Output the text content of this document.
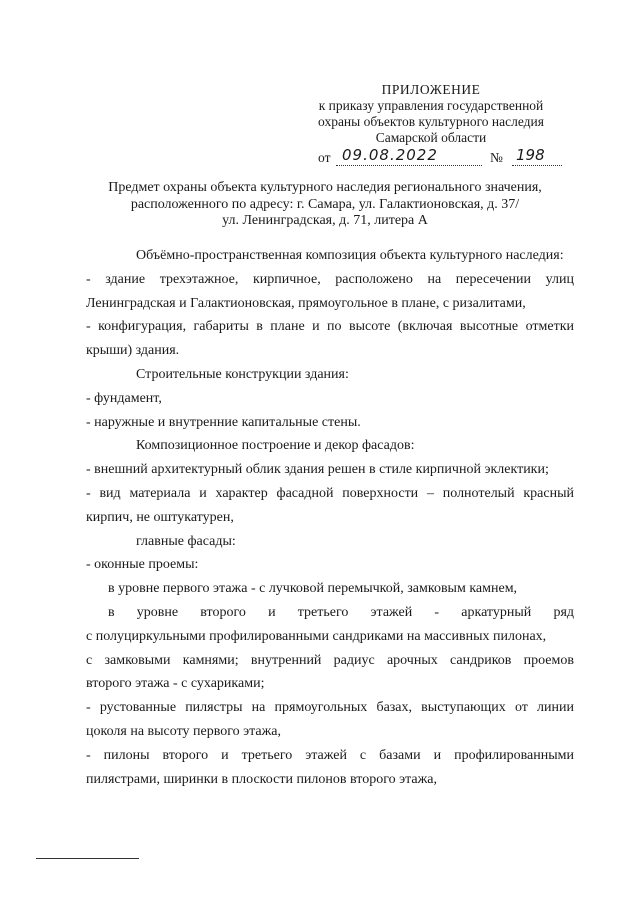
ПРИЛОЖЕНИЕ
к приказу управления государственной
охраны объектов культурного наследия
Самарской области
от 09.08.2022	№ 198
Предмет охраны объекта культурного наследия регионального значения,
расположенного по адресу: г. Самара, ул. Галактионовская, д. 37/
ул. Ленинградская, д. 71, литера А
Объёмно-пространственная композиция объекта культурного наследия:
- здание трехэтажное, кирпичное, расположено на пересечении улиц
Ленинградская и Галактионовская, прямоугольное в плане, с ризалитами,
- конфигурация, габариты в плане и по высоте (включая высотные отметки
крыши) здания.
Строительные конструкции здания:
- фундамент,
- наружные и внутренние капитальные стены.
Композиционное построение и декор фасадов:
- внешний архитектурный облик здания решен в стиле кирпичной эклектики;
- вид материала и характер фасадной поверхности – полнотелый красный
кирпич, не оштукатурен,
главные фасады:
- оконные проемы:
в уровне первого этажа - с лучковой перемычкой, замковым камнем,
в уровне второго и третьего этажей - аркатурный ряд
с полуциркульными профилированными сандриками на массивных пилонах,
с замковыми камнями; внутренний радиус арочных сандриков проемов
второго этажа - с сухариками;
- рустованные пилястры на прямоугольных базах, выступающих от линии
цоколя на высоту первого этажа,
- пилоны второго и третьего этажей с базами и профилированными
пилястрами, ширинки в плоскости пилонов второго этажа,
